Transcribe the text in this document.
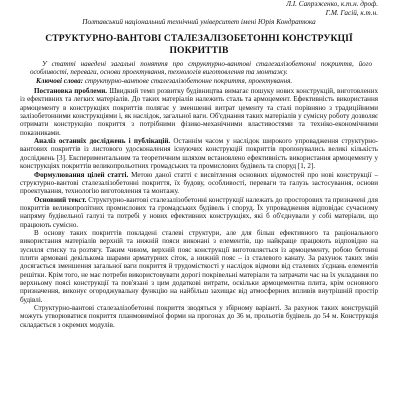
Л.І. Сапрэженко, к.т.н. дроф.
Г.М. Гасій, к.т.н.
Полтавський національний технічний університет імені Юрія Кондратюка
СТРУКТУРНО-ВАНТОВІ СТАЛЕЗАЛІЗОБЕТОННІ КОНСТРУКЦІЇ ПОКРИТТІВ
У статті наведені загальні поняття про структурно-вантові сталезалізобетонні покриття, його особливості, переваги, основи проектування, технологія виготовлення та монтажу.
Ключові слова: структурно-вантове сталезалізобетонне покриття, проектування.

Постановка проблеми. Швидкий темп розвитку будівництва вимагає пошуку нових конструкцій, виготовлених із ефективних та легких матеріалів. До таких матеріалів належить сталь та армоцемент. Ефективність використання армоцементу в конструкціях покриттів полягає у зменшенні витрат цементу та сталі порівняно з традиційними залізобетонними конструкціями і, як наслідок, загальної ваги. Об'єднання таких матеріалів у сумісну роботу дозволяє отримати конструкцію покриття з потрібними фізико-механічними властивостями та техніко-економічними показниками.

Аналіз останніх досліджень і публікацій. Останнім часом у наслідок широкого упровадження структурно-вантових покриттів із листового удосконалення існуючих конструкцій покриттів пропонувались великі кількість досліджень [3]. Експериментальним та теоретичним шляхом встановлено ефективність використання армоцементу у конструкціях покриттів великопрольотних громадських та промислових будівель та споруд [1, 2].

Формулювання цілей статті. Метою даної статті є висвітлення основних відомостей про нові конструкції – структурно-вантові сталезалізобетонні покриття, їх будову, особливості, переваги та галузь застосування, основи проектування, технологію виготовлення та монтажу.

Основний текст. Структурно-вантові сталезалізобетонні конструкції належать до просторових та призначені для покриттів великопролітних промислових та громадських будівель і споруд. Їх упровадження відповідає сучасному напряму будівельної галузі та потребі у нових ефективних конструкціях, які б об'єднували у собі матеріали, що працюють сумісно.

В основу таких покриттів покладені сталеві структури, але для більш ефективного та раціонального використання матеріалів верхній та нижній пояси виконані з елементів, що найкраще працюють відповідно на зусилля стиску та розтягу. Таким чином, верхній пояс конструкції виготовляється із армоцементу, робою бетонні плити армовані декількома шарами арматурних сіток, а нижній пояс – із сталевого канату. За рахунок таких змін досягається зменшення загальної ваги покриття й трудомісткості у наслідок відмови від сталевих з'єднань елементів решітки. Крім того, не має потреби використовувати дорогі покрівельні матеріали та затрачати час на їх укладання по верхньому поясі конструкції та пов'язані з цим додаткові витрати, оскільки армоцементна плита, крім основного призначення, виконує огороджувальну функцію на найбільш захищає від атмосферних впливів внутрішній простір будівлі.

Структурно-вантові сталезалізобетонні покриття зводяться у збірному варіанті. За рахунок таких конструкцій можуть утворюватися покриття планмовиміної форми на прогонах до 36 м, прольотів будівель до 54 м. Конструкція складається з окремих модулів.
